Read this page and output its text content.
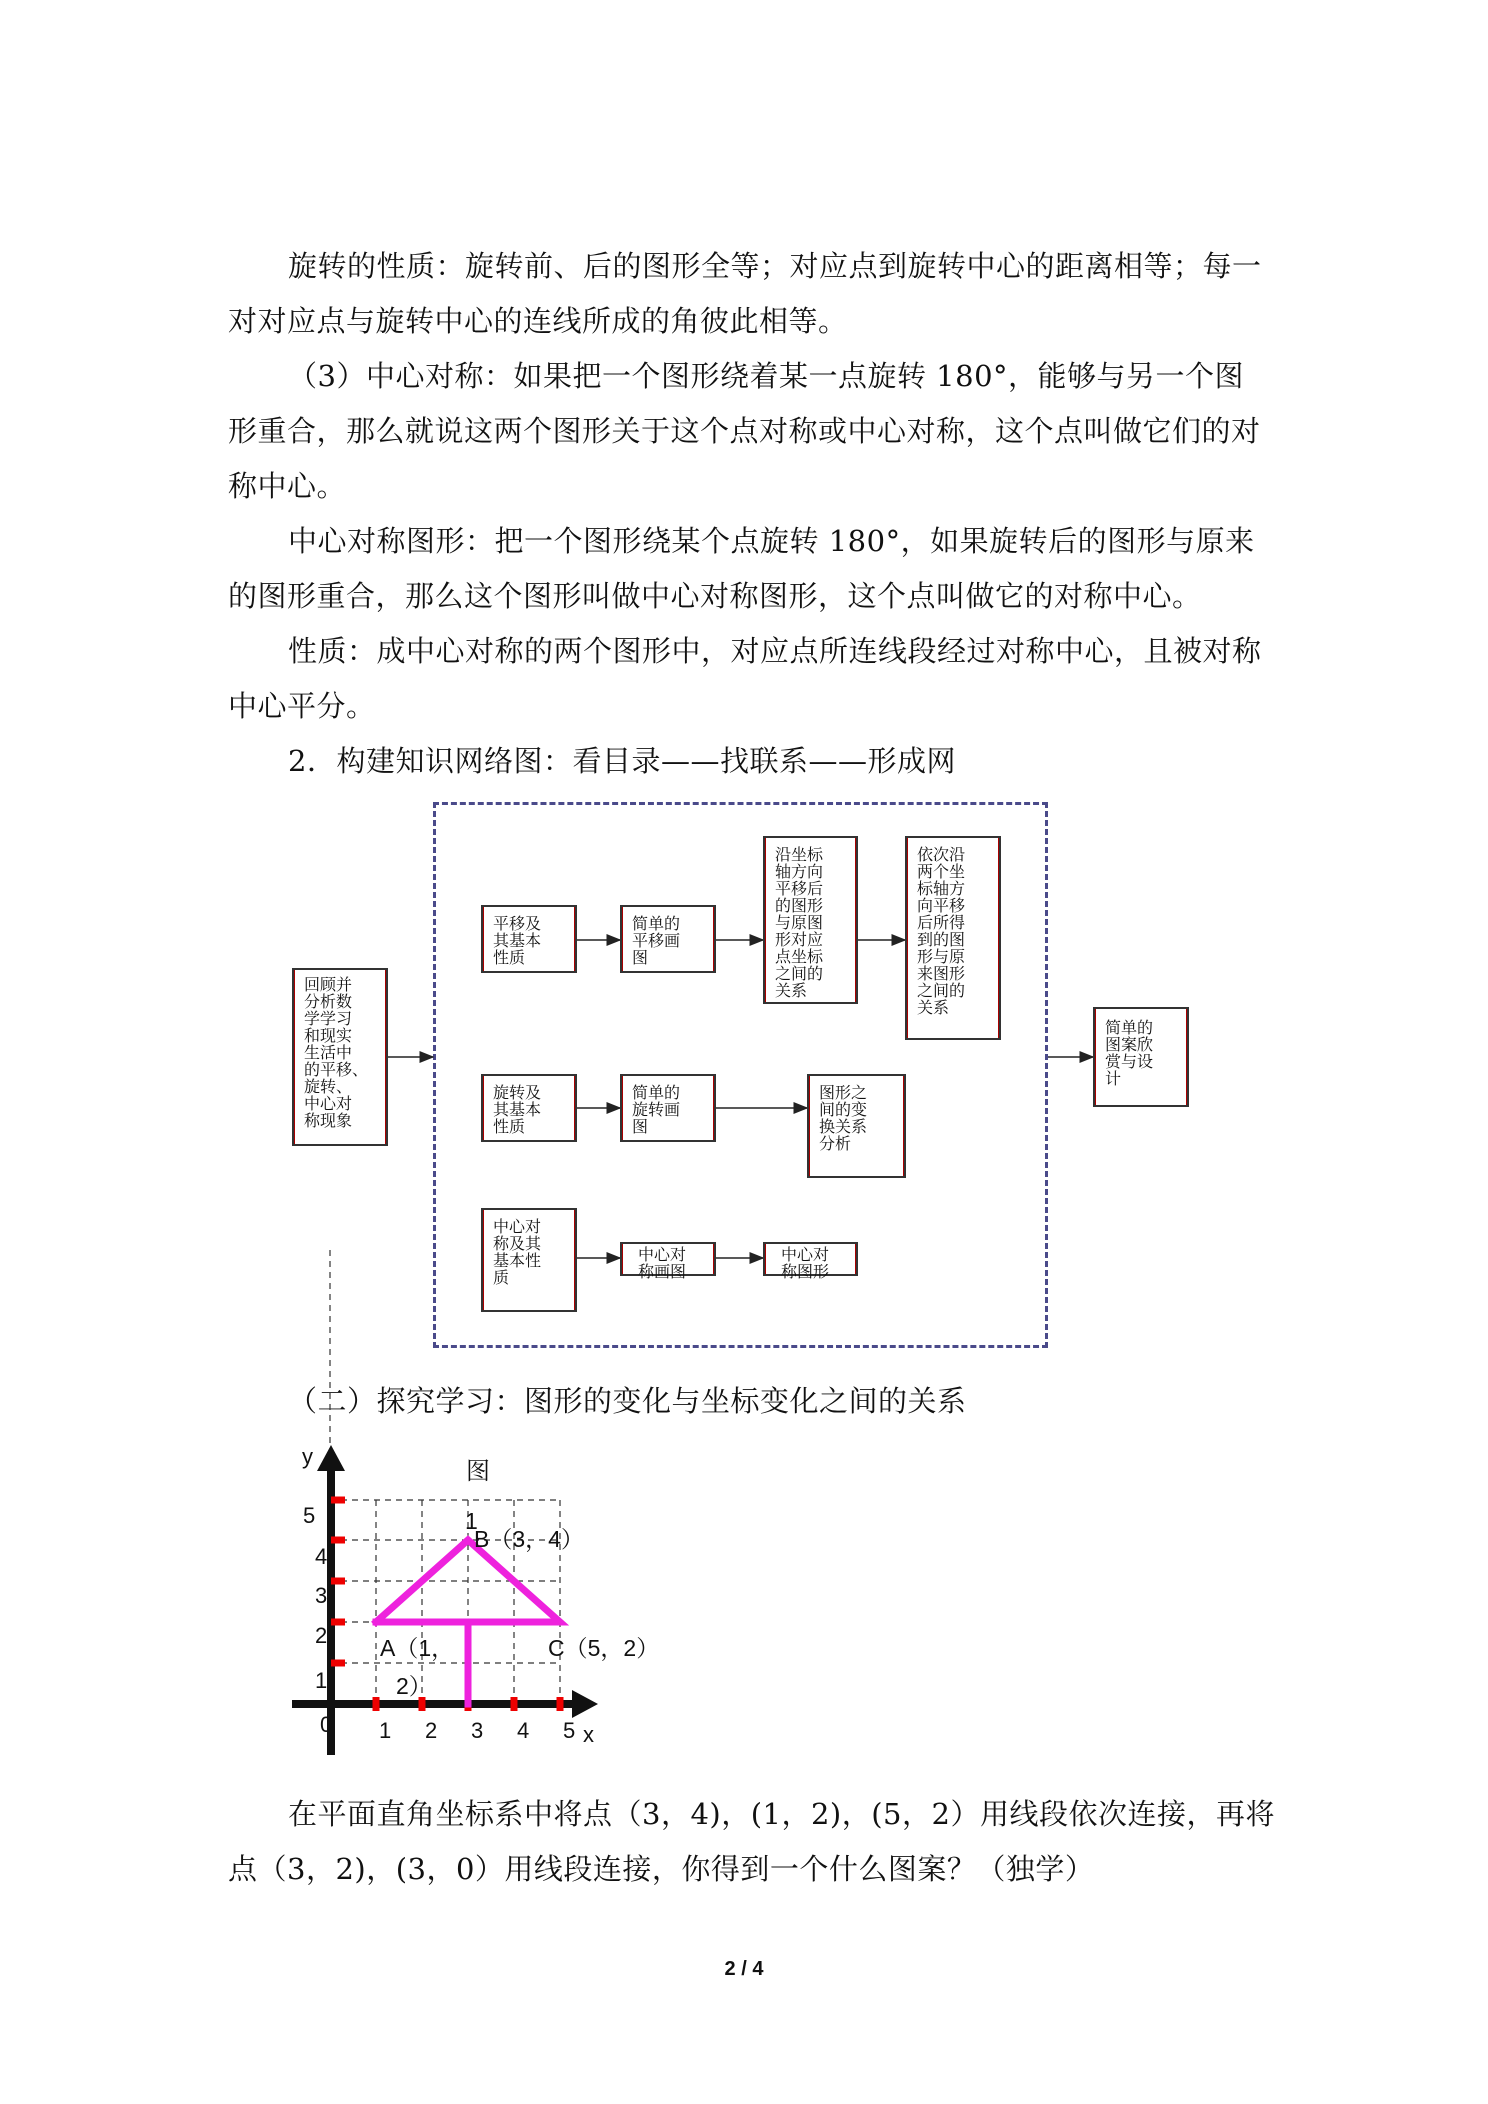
旋转的性质：旋转前、后的图形全等；对应点到旋转中心的距离相等；每一
对对应点与旋转中心的连线所成的角彼此相等。
（3）中心对称：如果把一个图形绕着某一点旋转 180°，能够与另一个图
形重合，那么就说这两个图形关于这个点对称或中心对称，这个点叫做它们的对
称中心。
中心对称图形：把一个图形绕某个点旋转 180°，如果旋转后的图形与原来
的图形重合，那么这个图形叫做中心对称图形，这个点叫做它的对称中心。
性质：成中心对称的两个图形中，对应点所连线段经过对称中心，且被对称
中心平分。
2．构建知识网络图：看目录——找联系——形成网
回顾并
分析数
学学习
和现实
生活中
的平移、
旋转、
中心对
称现象
平移及
其基本
性质
简单的
平移画
图
沿坐标
轴方向
平移后
的图形
与原图
形对应
点坐标
之间的
关系
依次沿
两个坐
标轴方
向平移
后所得
到的图
形与原
来图形
之间的
关系
简单的
图案欣
赏与设
计
旋转及
其基本
性质
简单的
旋转画
图
图形之
间的变
换关系
分析
中心对
称及其
基本性
质
中心对
称画图
中心对
称图形
（二）探究学习：图形的变化与坐标变化之间的关系
y
x
0 1 2 3 4 5
1
2
3
4
5
图
1
B（3，4）
A（1，
2）
C（5，2）
在平面直角坐标系中将点（3，4)，(1，2)，(5，2）用线段依次连接，再将
点（3，2)，(3，0）用线段连接，你得到一个什么图案？（独学）
2 / 4
